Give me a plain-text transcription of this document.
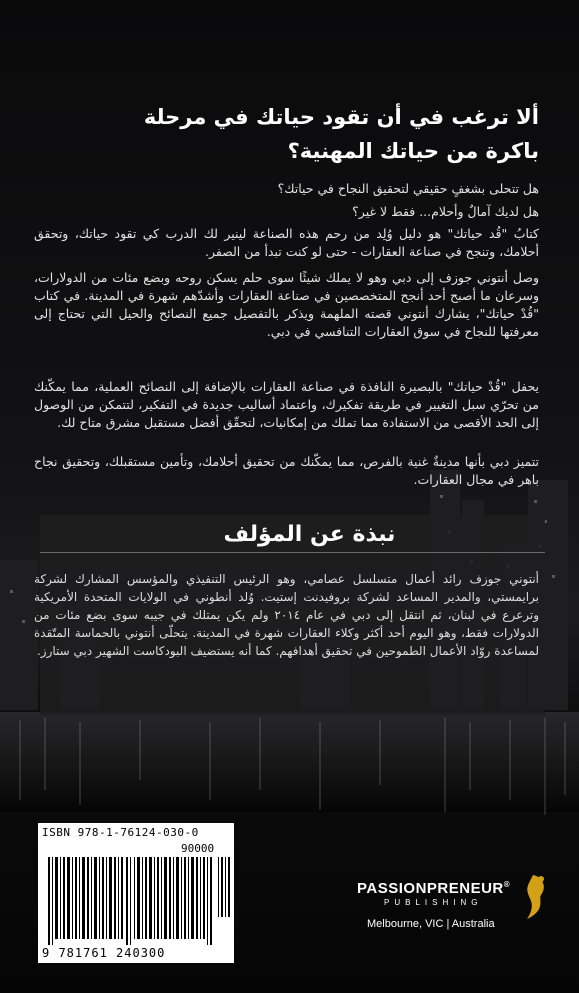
ألا ترغب في أن تقود حياتك في مرحلة
باكرة من حياتك المهنية؟
هل تتحلى بشغفٍ حقيقي لتحقيق النجاح في حياتك؟
هل لديك آمالٌ وأحلام... فقط لا غير؟
كتابُ "قُد حياتك" هو دليل وُلِد من رحم هذه الصناعة لينير لك الدرب كي تقود حياتك، وتحقق أحلامك، وتنجح في صناعة العقارات - حتى لو كنت تبدأ من الصفر.
وصل أنتوني جوزف إلى دبي وهو لا يملك شيئًا سوى حلم يسكن روحه وبضع مئات من الدولارات، وسرعان ما أصبح أحد أنجح المتخصصين في صناعة العقارات وأشدّهم شهرة في المدينة. في كتاب "قُدْ حياتك"، يشارك أنتوني قصته الملهمة ويذكر بالتفصيل جميع النصائح والحيل التي تحتاج إلى معرفتها للنجاح في سوق العقارات التنافسي في دبي.
يحفل "قُدْ حياتك" بالبصيرة النافذة في صناعة العقارات بالإضافة إلى النصائح العملية، مما يمكّنك من تحرّي سبل التغيير في طريقة تفكيرك، واعتماد أساليب جديدة في التفكير، لتتمكن من الوصول إلى الحد الأقصى من الاستفادة مما تملك من إمكانيات، لتحقّق أفضل مستقبل مشرق متاح لك.
تتميز دبي بأنها مدينةٌ غنية بالفرص، مما يمكّنك من تحقيق أحلامك، وتأمين مستقبلك، وتحقيق نجاح باهر في مجال العقارات.
نبذة عن المؤلف
أنتوني جوزف رائد أعمال متسلسل عصامي، وهو الرئيس التنفيذي والمؤسس المشارك لشركة برايمستي، والمدير المساعد لشركة بروفيدنت إستيت. وُلد أنطوني في الولايات المتحدة الأمريكية وترعرع في لبنان، ثم انتقل إلى دبي في عام ٢٠١٤ ولم يكن يمتلك في جيبه سوى بضع مئات من الدولارات فقط، وهو اليوم أحد أكثر وكلاء العقارات شهرة في المدينة. يتحلّى أنتوني بالحماسة المتّقدة لمساعدة روّاد الأعمال الطموحين في تحقيق أهدافهم. كما أنه يستضيف البودكاست الشهير دبي ستارز.
ISBN 978-1-76124-030-0
90000
9 781761 240300
PASSIONPRENEUR®
PUBLISHING
Melbourne, VIC | Australia
